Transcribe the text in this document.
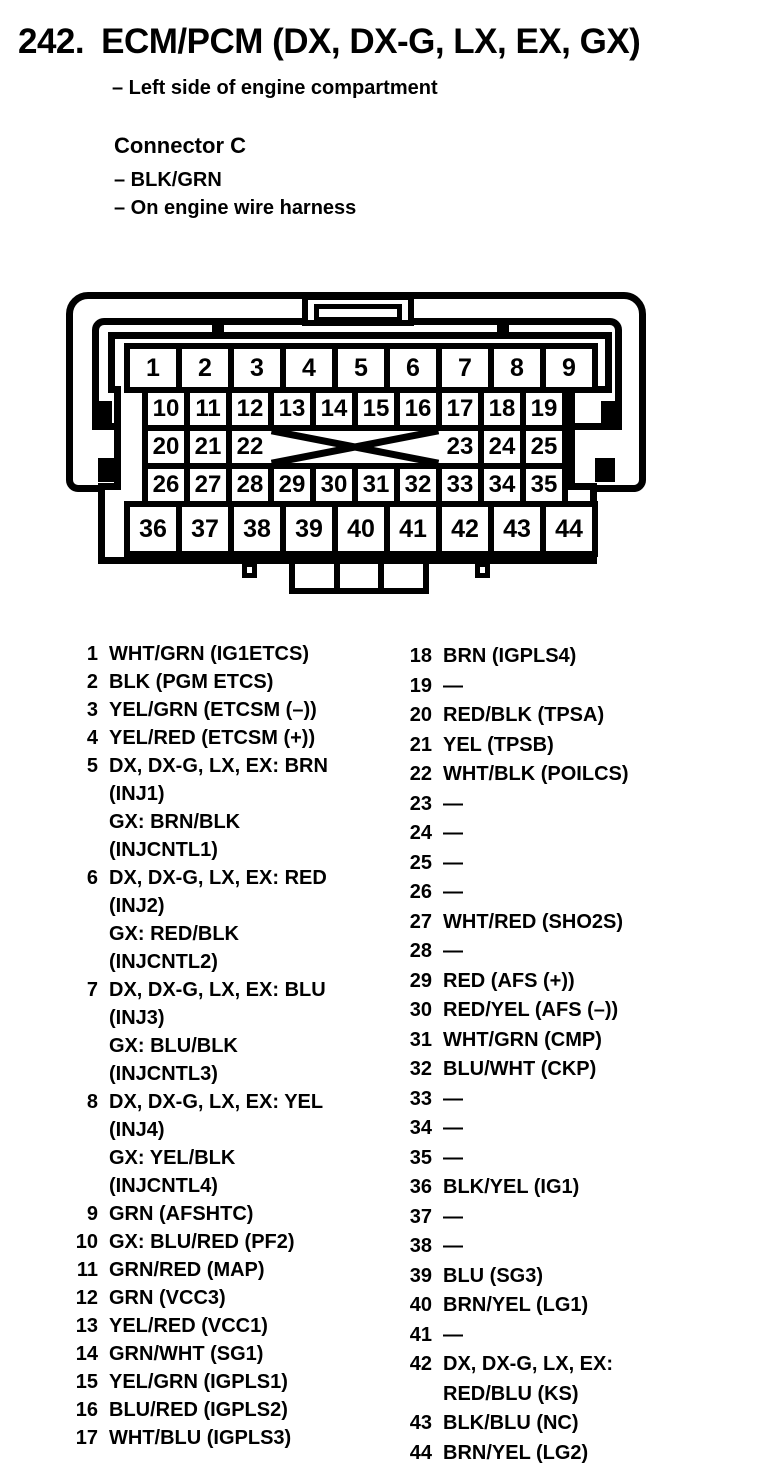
242. ECM/PCM (DX, DX-G, LX, EX, GX)
– Left side of engine compartment
Connector C
– BLK/GRN
– On engine wire harness
1	2	3	4	5	6	7	8	9
10 11 12 13 14 15 16 17 18 19
20 21 22	23 24 25
26 27 28 29 30 31 32 33 34 35
36 37 38 39 40 41 42 43 44
1 WHT/GRN (IG1ETCS)
2 BLK (PGM ETCS)
3 YEL/GRN (ETCSM (–))
4 YEL/RED (ETCSM (+))
5 DX, DX-G, LX, EX: BRN
(INJ1)
GX: BRN/BLK
(INJCNTL1)
6 DX, DX-G, LX, EX: RED
(INJ2)
GX: RED/BLK
(INJCNTL2)
7 DX, DX-G, LX, EX: BLU
(INJ3)
GX: BLU/BLK
(INJCNTL3)
8 DX, DX-G, LX, EX: YEL
(INJ4)
GX: YEL/BLK
(INJCNTL4)
9 GRN (AFSHTC)
10 GX: BLU/RED (PF2)
11 GRN/RED (MAP)
12 GRN (VCC3)
13 YEL/RED (VCC1)
14 GRN/WHT (SG1)
15 YEL/GRN (IGPLS1)
16 BLU/RED (IGPLS2)
17 WHT/BLU (IGPLS3)
18 BRN (IGPLS4)
19 —
20 RED/BLK (TPSA)
21 YEL (TPSB)
22 WHT/BLK (POILCS)
23 —
24 —
25 —
26 —
27 WHT/RED (SHO2S)
28 —
29 RED (AFS (+))
30 RED/YEL (AFS (–))
31 WHT/GRN (CMP)
32 BLU/WHT (CKP)
33 —
34 —
35 —
36 BLK/YEL (IG1)
37 —
38 —
39 BLU (SG3)
40 BRN/YEL (LG1)
41 —
42 DX, DX-G, LX, EX:
RED/BLU (KS)
43 BLK/BLU (NC)
44 BRN/YEL (LG2)
